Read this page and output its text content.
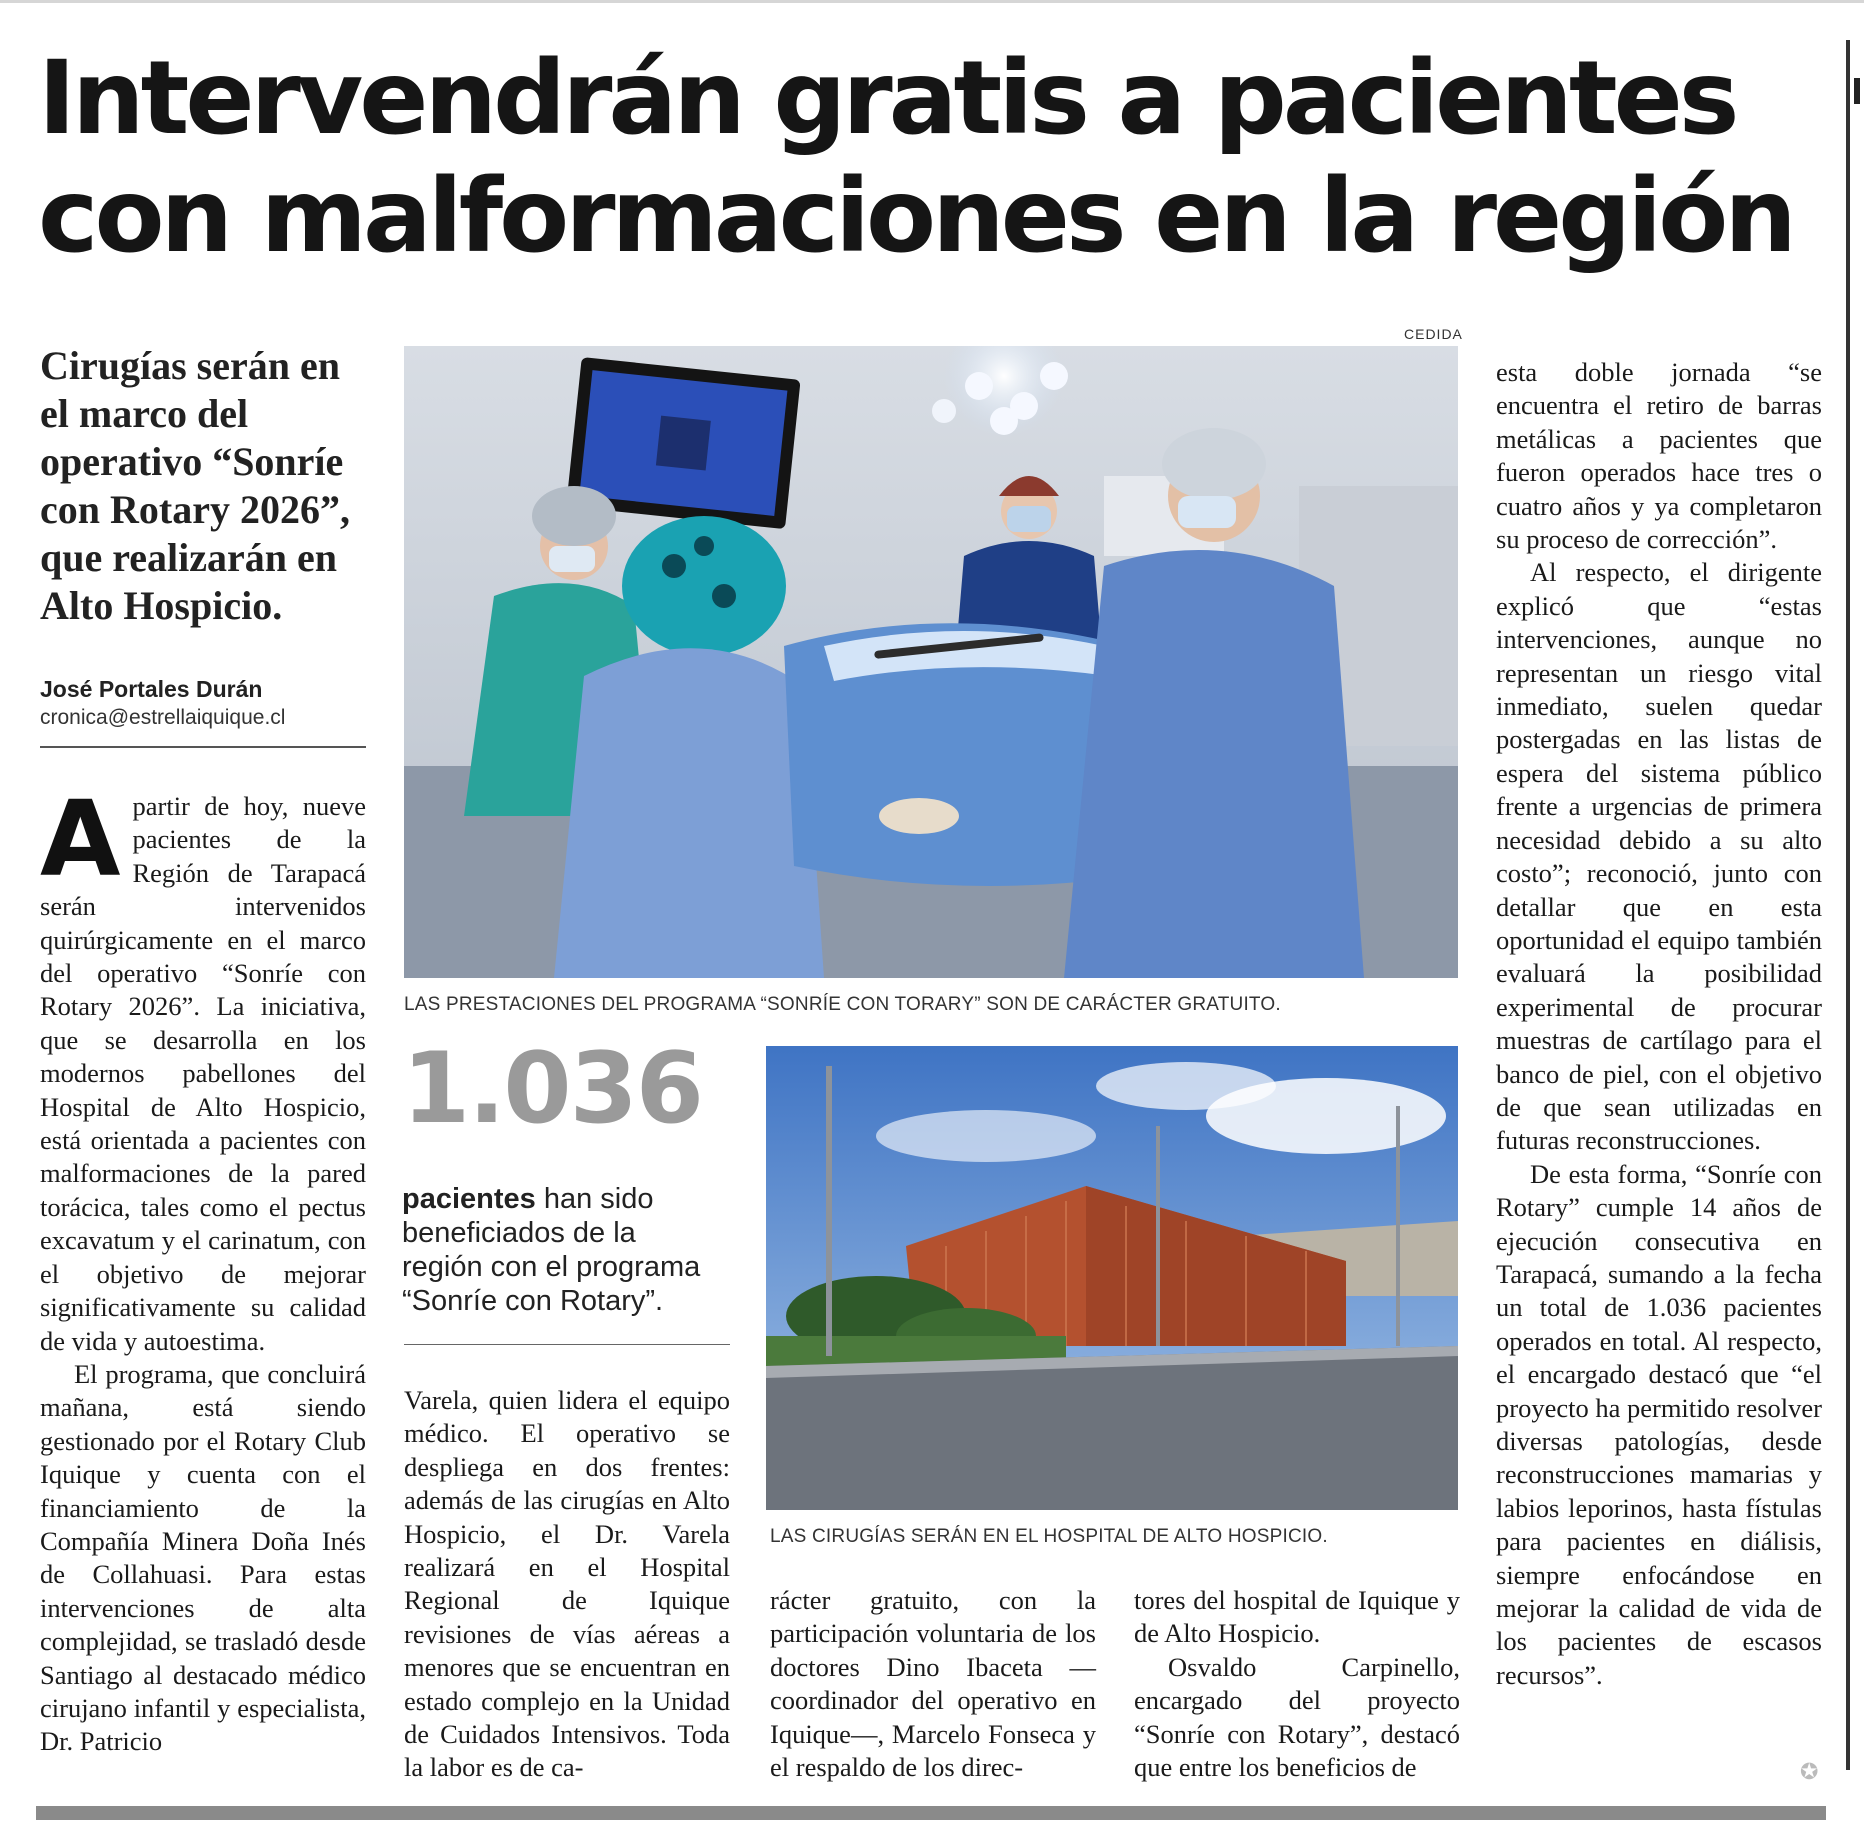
Intervendrán gratis a pacientes con malformaciones en la región

Cirugías serán en el marco del operativo “Sonríe con Rotary 2026”, que realizarán en Alto Hospicio.

José Portales Durán
cronica@estrellaiquique.cl

Apartir de hoy, nueve pacientes de la Región de Tarapacá serán intervenidos quirúrgicamente en el marco del operativo “Sonríe con Rotary 2026”. La iniciativa, que se desarrolla en los modernos pabellones del Hospital de Alto Hospicio, está orientada a pacientes con malformaciones de la pared torácica, tales como el pectus excavatum y el carinatum, con el objetivo de mejorar significativamente su calidad de vida y autoestima.

El programa, que concluirá mañana, está siendo gestionado por el Rotary Club Iquique y cuenta con el financiamiento de la Compañía Minera Doña Inés de Collahuasi. Para estas intervenciones de alta complejidad, se trasladó desde Santiago al destacado médico cirujano infantil y especialista, Dr. Patricio

CEDIDA
LAS PRESTACIONES DEL PROGRAMA “SONRÍE CON TORARY” SON DE CARÁCTER GRATUITO.
1.036
pacientes han sido beneficiados de la región con el programa “Sonríe con Rotary”.

Varela, quien lidera el equipo médico. El operativo se despliega en dos frentes: además de las cirugías en Alto Hospicio, el Dr. Varela realizará en el Hospital Regional de Iquique revisiones de vías aéreas a menores que se encuentran en estado complejo en la Unidad de Cuidados Intensivos. Toda la labor es de ca-

LAS CIRUGÍAS SERÁN EN EL HOSPITAL DE ALTO HOSPICIO.

rácter gratuito, con la participación voluntaria de los doctores Dino Ibaceta —coordinador del operativo en Iquique—, Marcelo Fonseca y el respaldo de los direc-

tores del hospital de Iquique y de Alto Hospicio.

Osvaldo Carpinello, encargado del proyecto “Sonríe con Rotary”, destacó que entre los beneficios de

esta doble jornada “se encuentra el retiro de barras metálicas a pacientes que fueron operados hace tres o cuatro años y ya completaron su proceso de corrección”.

Al respecto, el dirigente explicó que “estas intervenciones, aunque no representan un riesgo vital inmediato, suelen quedar postergadas en las listas de espera del sistema público frente a urgencias de primera necesidad debido a su alto costo”; reconoció, junto con detallar que en esta oportunidad el equipo también evaluará la posibilidad experimental de procurar muestras de cartílago para el banco de piel, con el objetivo de que sean utilizadas en futuras reconstrucciones.

De esta forma, “Sonríe con Rotary” cumple 14 años de ejecución consecutiva en Tarapacá, sumando a la fecha un total de 1.036 pacientes operados en total. Al respecto, el encargado destacó que “el proyecto ha permitido resolver diversas patologías, desde reconstrucciones mamarias y labios leporinos, hasta fístulas para pacientes en diálisis, siempre enfocándose en mejorar la calidad de vida de los pacientes de escasos recursos”.

✪
